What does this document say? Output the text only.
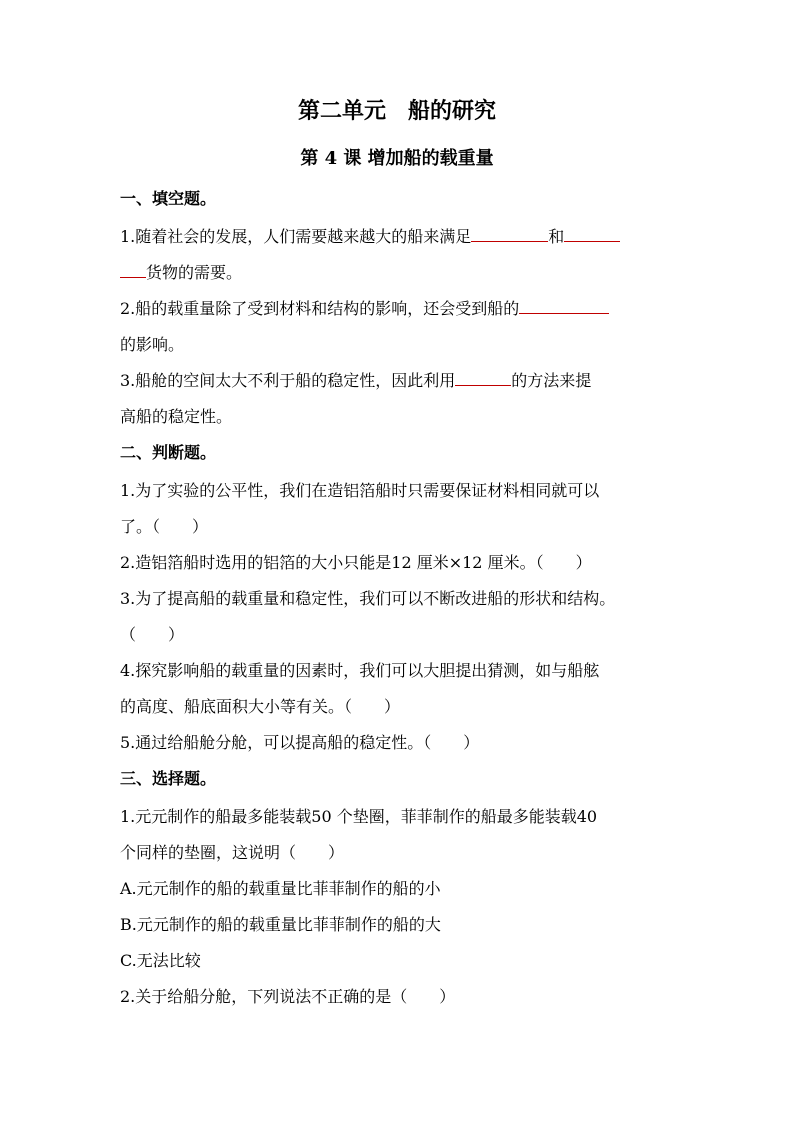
第二单元　船的研究
第 4 课 增加船的载重量
一、填空题。
1.随着社会的发展，人们需要越来越大的船来满足	和
货物的需要。
2.船的载重量除了受到材料和结构的影响，还会受到船的
的影响。
3.船舱的空间太大不利于船的稳定性，因此利用	的方法来提
高船的稳定性。
二、判断题。
1.为了实验的公平性，我们在造铝箔船时只需要保证材料相同就可以
了。（　　）
2.造铝箔船时选用的铝箔的大小只能是12 厘米×12 厘米。（　　）
3.为了提高船的载重量和稳定性，我们可以不断改进船的形状和结构。
（　　）
4.探究影响船的载重量的因素时，我们可以大胆提出猜测，如与船舷
的高度、船底面积大小等有关。（　　）
5.通过给船舱分舱，可以提高船的稳定性。（　　）
三、选择题。
1.元元制作的船最多能装载50 个垫圈，菲菲制作的船最多能装载40
个同样的垫圈，这说明（　　）
A.元元制作的船的载重量比菲菲制作的船的小
B.元元制作的船的载重量比菲菲制作的船的大
C.无法比较
2.关于给船分舱，下列说法不正确的是（　　）
